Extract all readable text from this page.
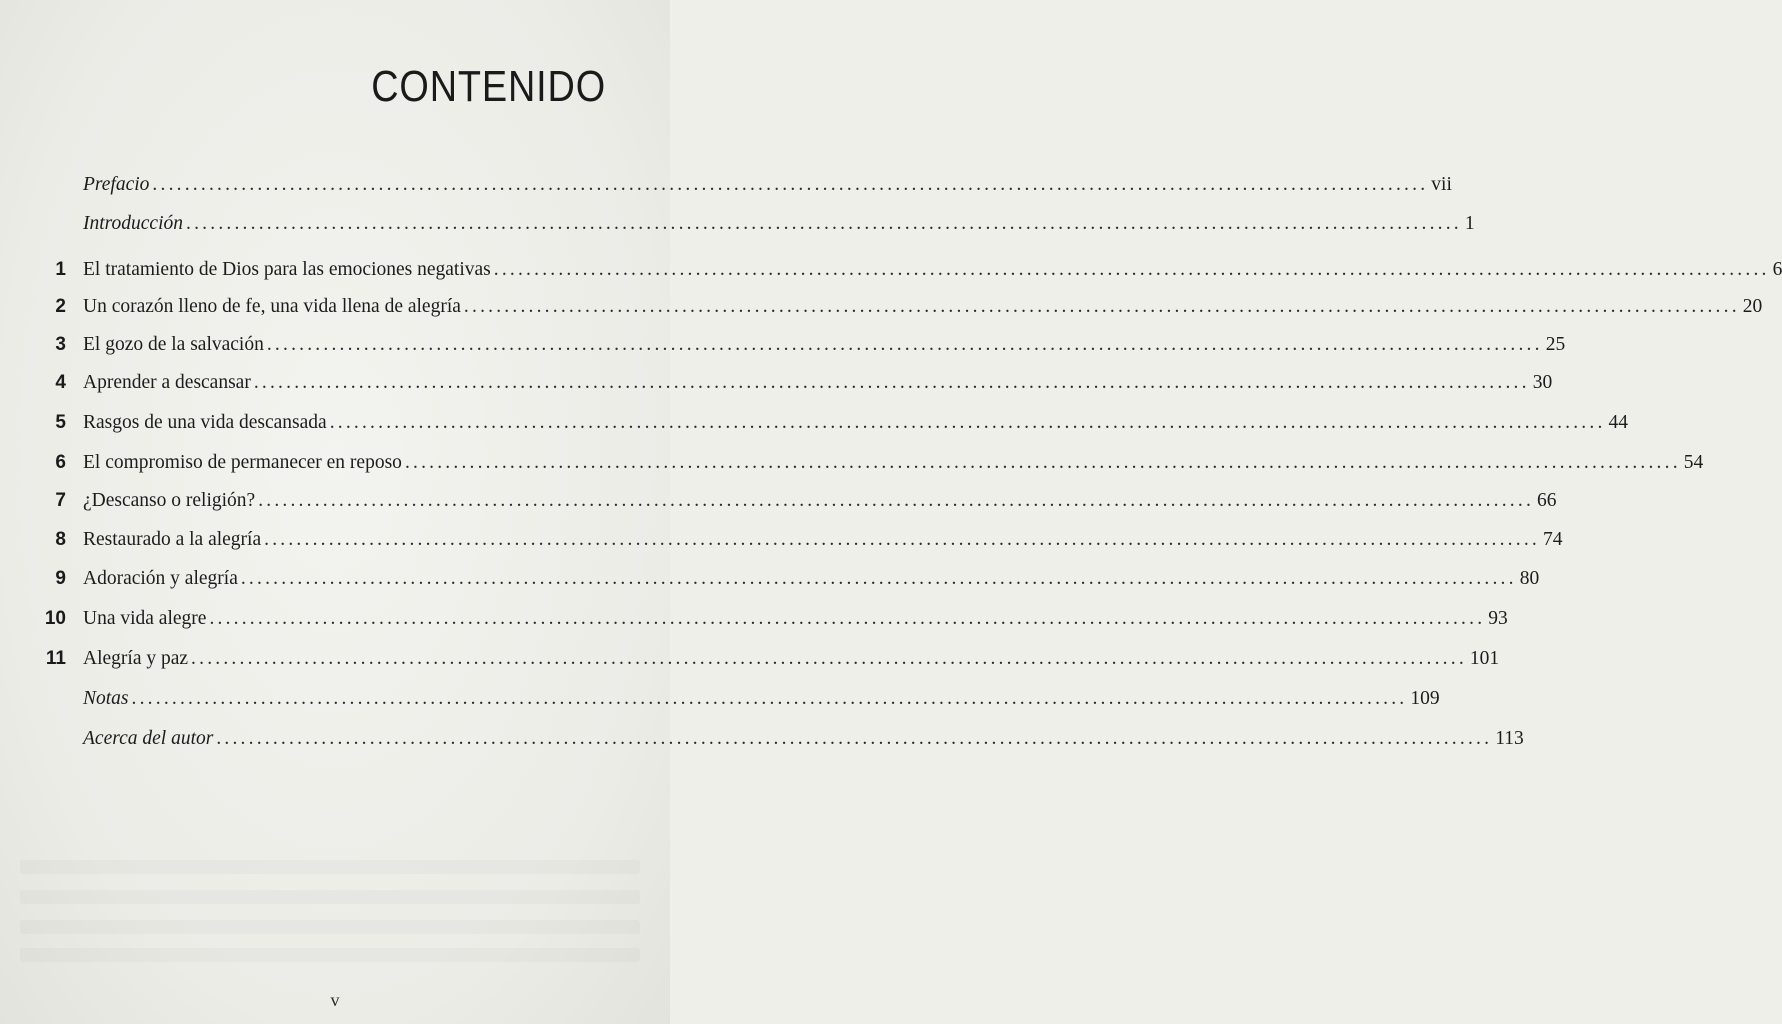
CONTENIDO
Prefacio .............................................................................................................................................................. vii
Introducción .............................................................................................................................................................. 1
1 El tratamiento de Dios para las emociones negativas .............................................................................................................................................................. 6
2 Un corazón lleno de fe, una vida llena de alegría .............................................................................................................................................................. 20
3 El gozo de la salvación .............................................................................................................................................................. 25
4 Aprender a descansar .............................................................................................................................................................. 30
5 Rasgos de una vida descansada .............................................................................................................................................................. 44
6 El compromiso de permanecer en reposo .............................................................................................................................................................. 54
7 ¿Descanso o religión? .............................................................................................................................................................. 66
8 Restaurado a la alegría .............................................................................................................................................................. 74
9 Adoración y alegría .............................................................................................................................................................. 80
10 Una vida alegre .............................................................................................................................................................. 93
11 Alegría y paz .............................................................................................................................................................. 101
Notas .............................................................................................................................................................. 109
Acerca del autor .............................................................................................................................................................. 113
v
